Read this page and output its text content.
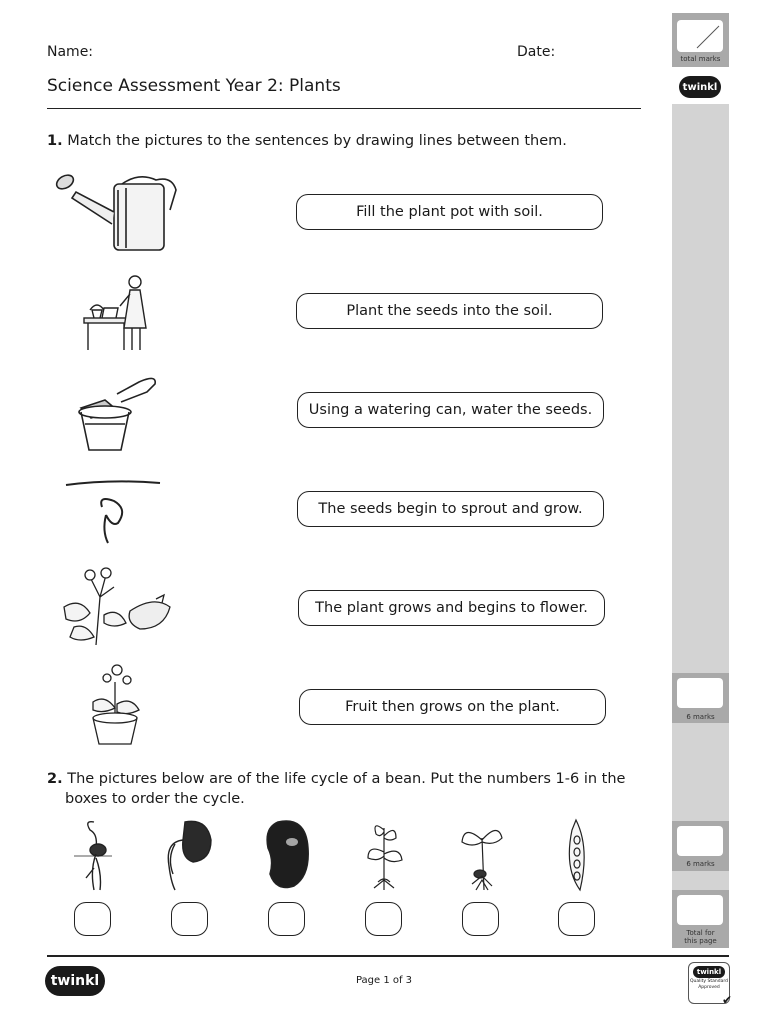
Name:	Date:
Science Assessment Year 2: Plants
1. Match the pictures to the sentences by drawing lines between them.
Fill the plant pot with soil.
Plant the seeds into the soil.
Using a watering can, water the seeds.
The seeds begin to sprout and grow.
The plant grows and begins to flower.
Fruit then grows on the plant.
2. The pictures below are of the life cycle of a bean. Put the numbers 1-6 in the
boxes to order the cycle.
total marks
twinkl
6 marks
6 marks
Total for
this page
twinkl	Page 1 of 3
twinkl
Quality Standard
Approved
✔
